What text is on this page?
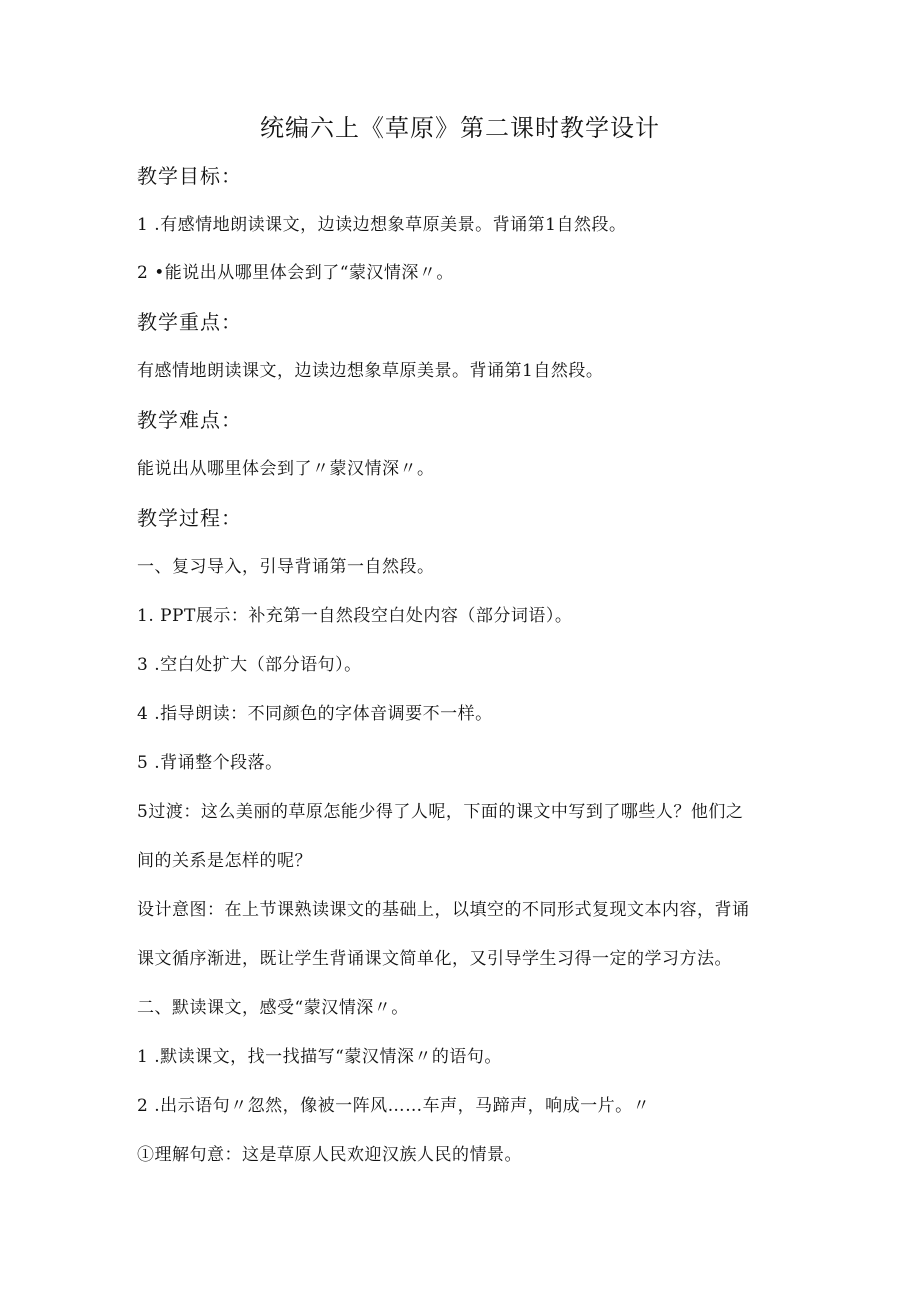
统编六上《草原》第二课时教学设计
教学目标：
1 .有感情地朗读课文，边读边想象草原美景。背诵第1自然段。
2 •能说出从哪里体会到了“蒙汉情深〃。
教学重点：
有感情地朗读课文，边读边想象草原美景。背诵第1自然段。
教学难点：
能说出从哪里体会到了〃蒙汉情深〃。
教学过程：
一、复习导入，引导背诵第一自然段。
1. PPT展示：补充第一自然段空白处内容（部分词语）。
3 .空白处扩大（部分语句）。
4 .指导朗读：不同颜色的字体音调要不一样。
5 .背诵整个段落。
5过渡：这么美丽的草原怎能少得了人呢，下面的课文中写到了哪些人？他们之
间的关系是怎样的呢？
设计意图：在上节课熟读课文的基础上，以填空的不同形式复现文本内容，背诵
课文循序渐进，既让学生背诵课文简单化，又引导学生习得一定的学习方法。
二、默读课文，感受“蒙汉情深〃。
1 .默读课文，找一找描写“蒙汉情深〃的语句。
2 .出示语句〃忽然，像被一阵风……车声，马蹄声，响成一片。〃
①理解句意：这是草原人民欢迎汉族人民的情景。
